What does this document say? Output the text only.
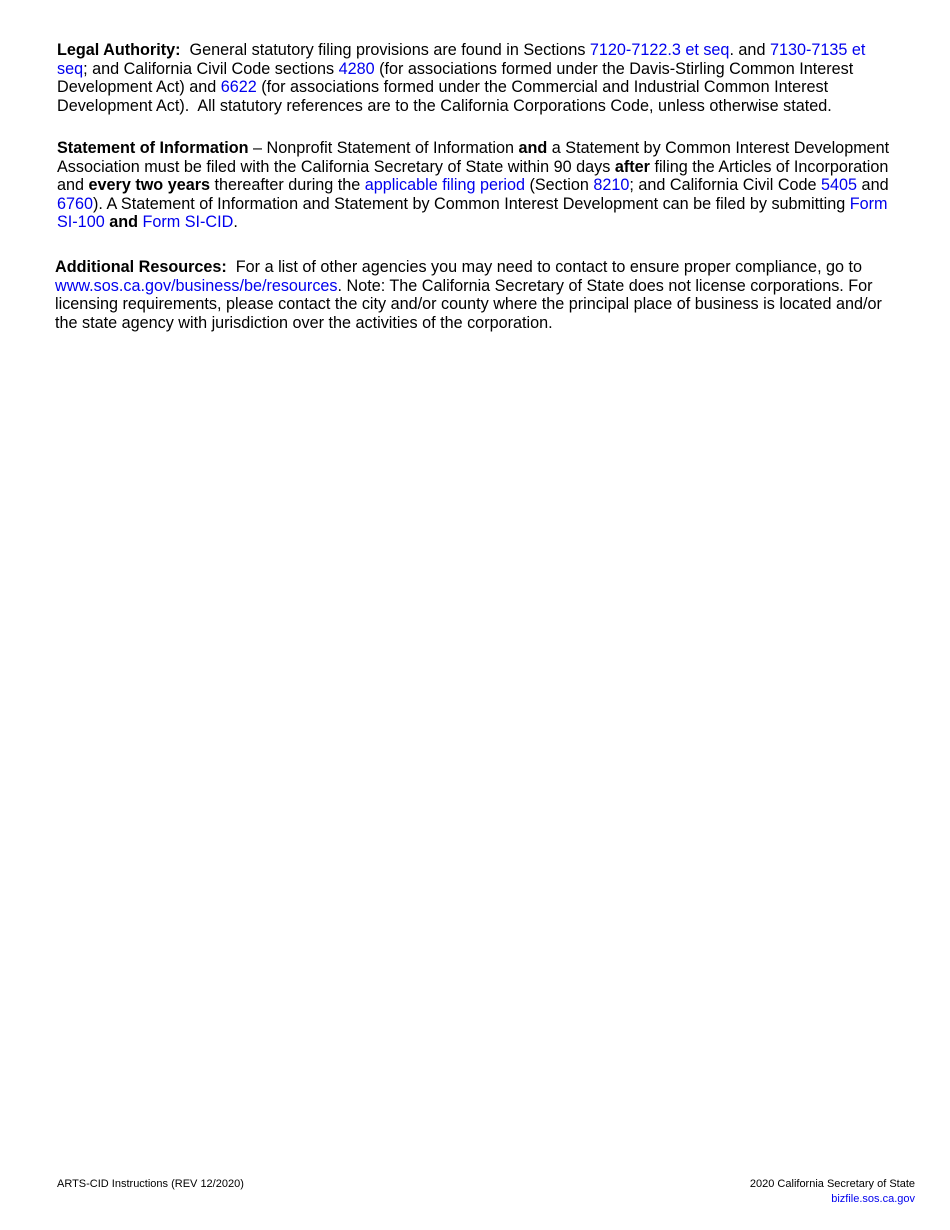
Legal Authority:  General statutory filing provisions are found in Sections 7120-7122.3 et seq. and 7130-7135 et seq; and California Civil Code sections 4280 (for associations formed under the Davis-Stirling Common Interest Development Act) and 6622 (for associations formed under the Commercial and Industrial Common Interest Development Act).  All statutory references are to the California Corporations Code, unless otherwise stated.

Statement of Information – Nonprofit Statement of Information and a Statement by Common Interest Development Association must be filed with the California Secretary of State within 90 days after filing the Articles of Incorporation and every two years thereafter during the applicable filing period (Section 8210; and California Civil Code 5405 and 6760). A Statement of Information and Statement by Common Interest Development can be filed by submitting Form SI-100 and Form SI-CID.

Additional Resources:  For a list of other agencies you may need to contact to ensure proper compliance, go to www.sos.ca.gov/business/be/resources. Note: The California Secretary of State does not license corporations. For licensing requirements, please contact the city and/or county where the principal place of business is located and/or the state agency with jurisdiction over the activities of the corporation.

ARTS-CID Instructions (REV 12/2020)	2020 California Secretary of State
bizfile.sos.ca.gov
